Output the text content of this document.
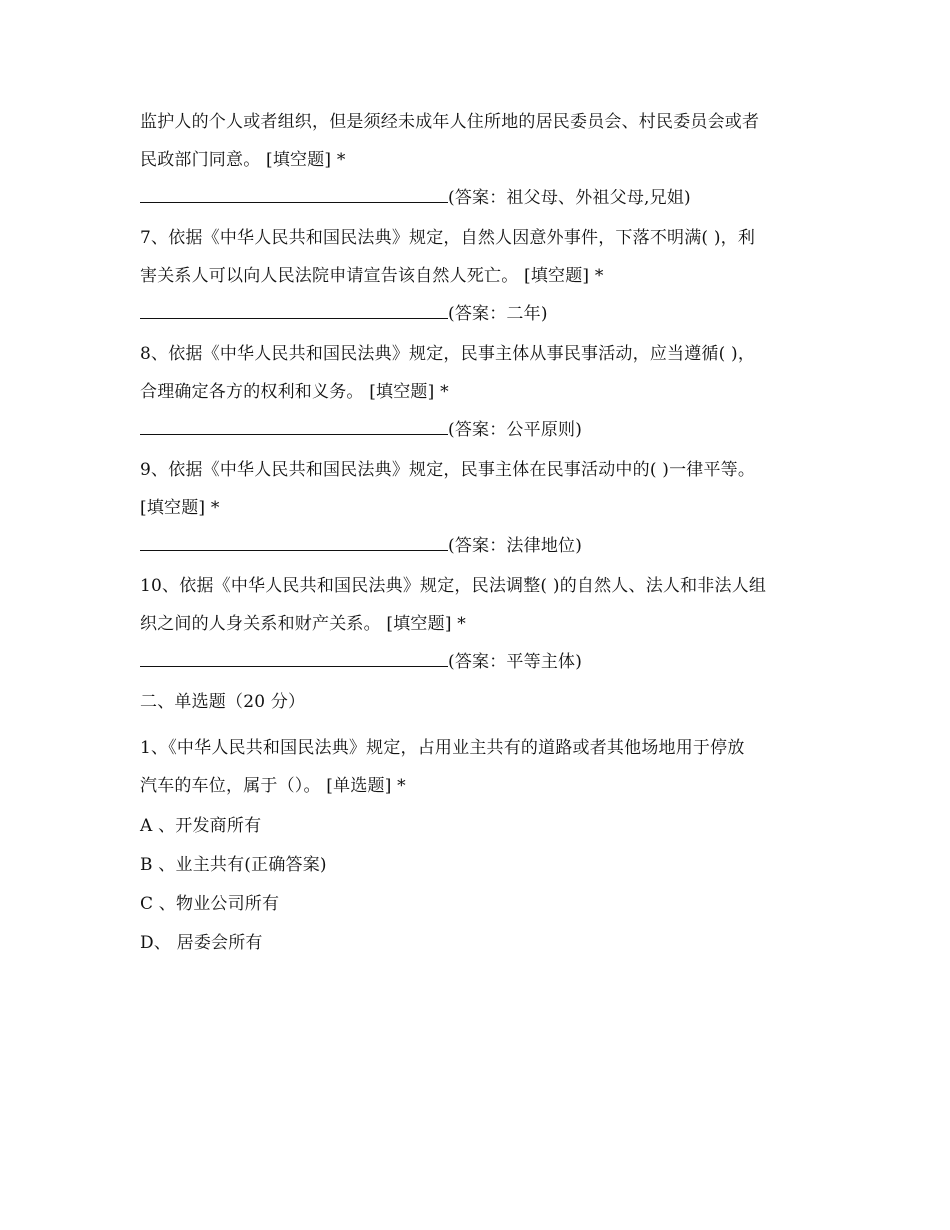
监护人的个人或者组织，但是须经未成年人住所地的居民委员会、村民委员会或者
民政部门同意。 [填空题] *
(答案：祖父母、外祖父母,兄姐)
7、依据《中华人民共和国民法典》规定，自然人因意外事件，下落不明满( )，利
害关系人可以向人民法院申请宣告该自然人死亡。 [填空题] *
(答案：二年)
8、依据《中华人民共和国民法典》规定，民事主体从事民事活动，应当遵循( )，
合理确定各方的权利和义务。 [填空题] *
(答案：公平原则)
9、依据《中华人民共和国民法典》规定，民事主体在民事活动中的( )一律平等。
[填空题] *
(答案：法律地位)
10、依据《中华人民共和国民法典》规定，民法调整( )的自然人、法人和非法人组
织之间的人身关系和财产关系。 [填空题] *
(答案：平等主体)
二、单选题（20 分）
1、《中华人民共和国民法典》规定，占用业主共有的道路或者其他场地用于停放
汽车的车位，属于（）。 [单选题] *
A 、开发商所有
B 、业主共有(正确答案)
C 、物业公司所有
D、 居委会所有
